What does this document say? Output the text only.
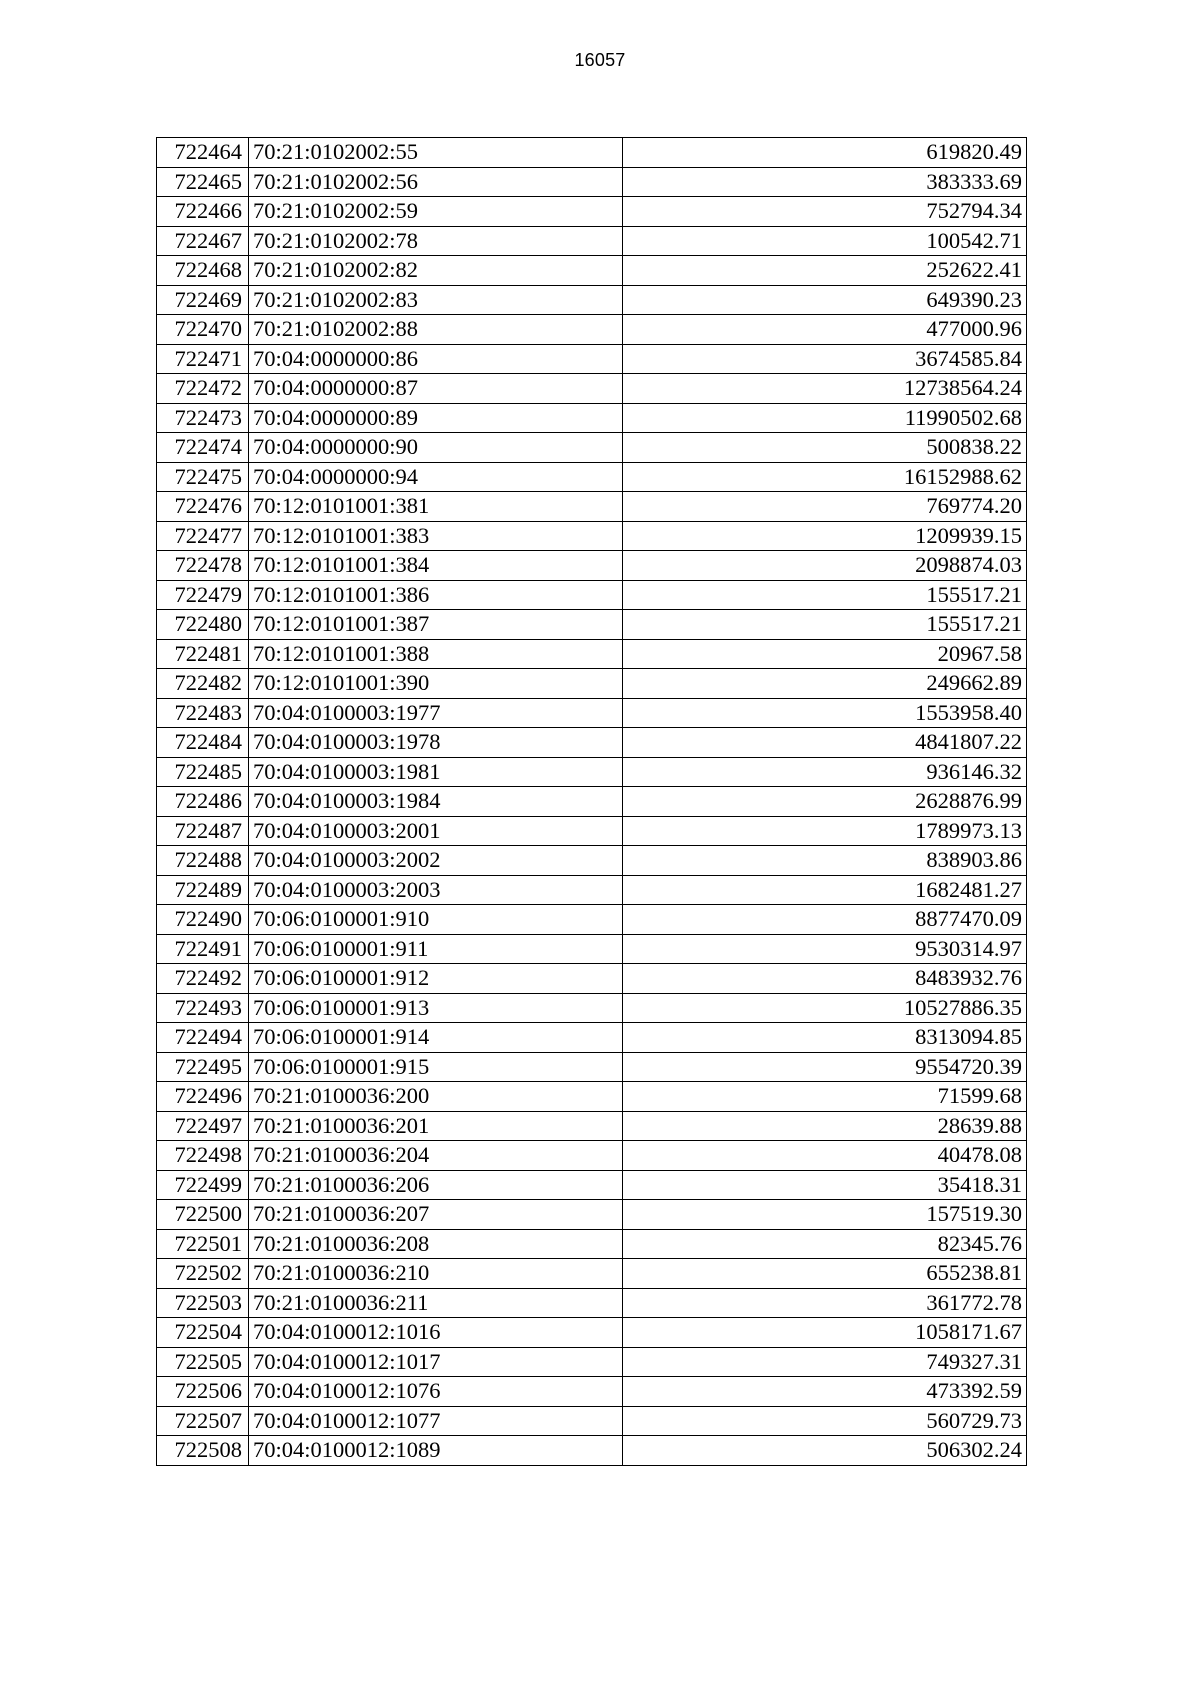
16057
722464	70:21:0102002:55	619820.49
722465	70:21:0102002:56	383333.69
722466	70:21:0102002:59	752794.34
722467	70:21:0102002:78	100542.71
722468	70:21:0102002:82	252622.41
722469	70:21:0102002:83	649390.23
722470	70:21:0102002:88	477000.96
722471	70:04:0000000:86	3674585.84
722472	70:04:0000000:87	12738564.24
722473	70:04:0000000:89	11990502.68
722474	70:04:0000000:90	500838.22
722475	70:04:0000000:94	16152988.62
722476	70:12:0101001:381	769774.20
722477	70:12:0101001:383	1209939.15
722478	70:12:0101001:384	2098874.03
722479	70:12:0101001:386	155517.21
722480	70:12:0101001:387	155517.21
722481	70:12:0101001:388	20967.58
722482	70:12:0101001:390	249662.89
722483	70:04:0100003:1977	1553958.40
722484	70:04:0100003:1978	4841807.22
722485	70:04:0100003:1981	936146.32
722486	70:04:0100003:1984	2628876.99
722487	70:04:0100003:2001	1789973.13
722488	70:04:0100003:2002	838903.86
722489	70:04:0100003:2003	1682481.27
722490	70:06:0100001:910	8877470.09
722491	70:06:0100001:911	9530314.97
722492	70:06:0100001:912	8483932.76
722493	70:06:0100001:913	10527886.35
722494	70:06:0100001:914	8313094.85
722495	70:06:0100001:915	9554720.39
722496	70:21:0100036:200	71599.68
722497	70:21:0100036:201	28639.88
722498	70:21:0100036:204	40478.08
722499	70:21:0100036:206	35418.31
722500	70:21:0100036:207	157519.30
722501	70:21:0100036:208	82345.76
722502	70:21:0100036:210	655238.81
722503	70:21:0100036:211	361772.78
722504	70:04:0100012:1016	1058171.67
722505	70:04:0100012:1017	749327.31
722506	70:04:0100012:1076	473392.59
722507	70:04:0100012:1077	560729.73
722508	70:04:0100012:1089	506302.24
